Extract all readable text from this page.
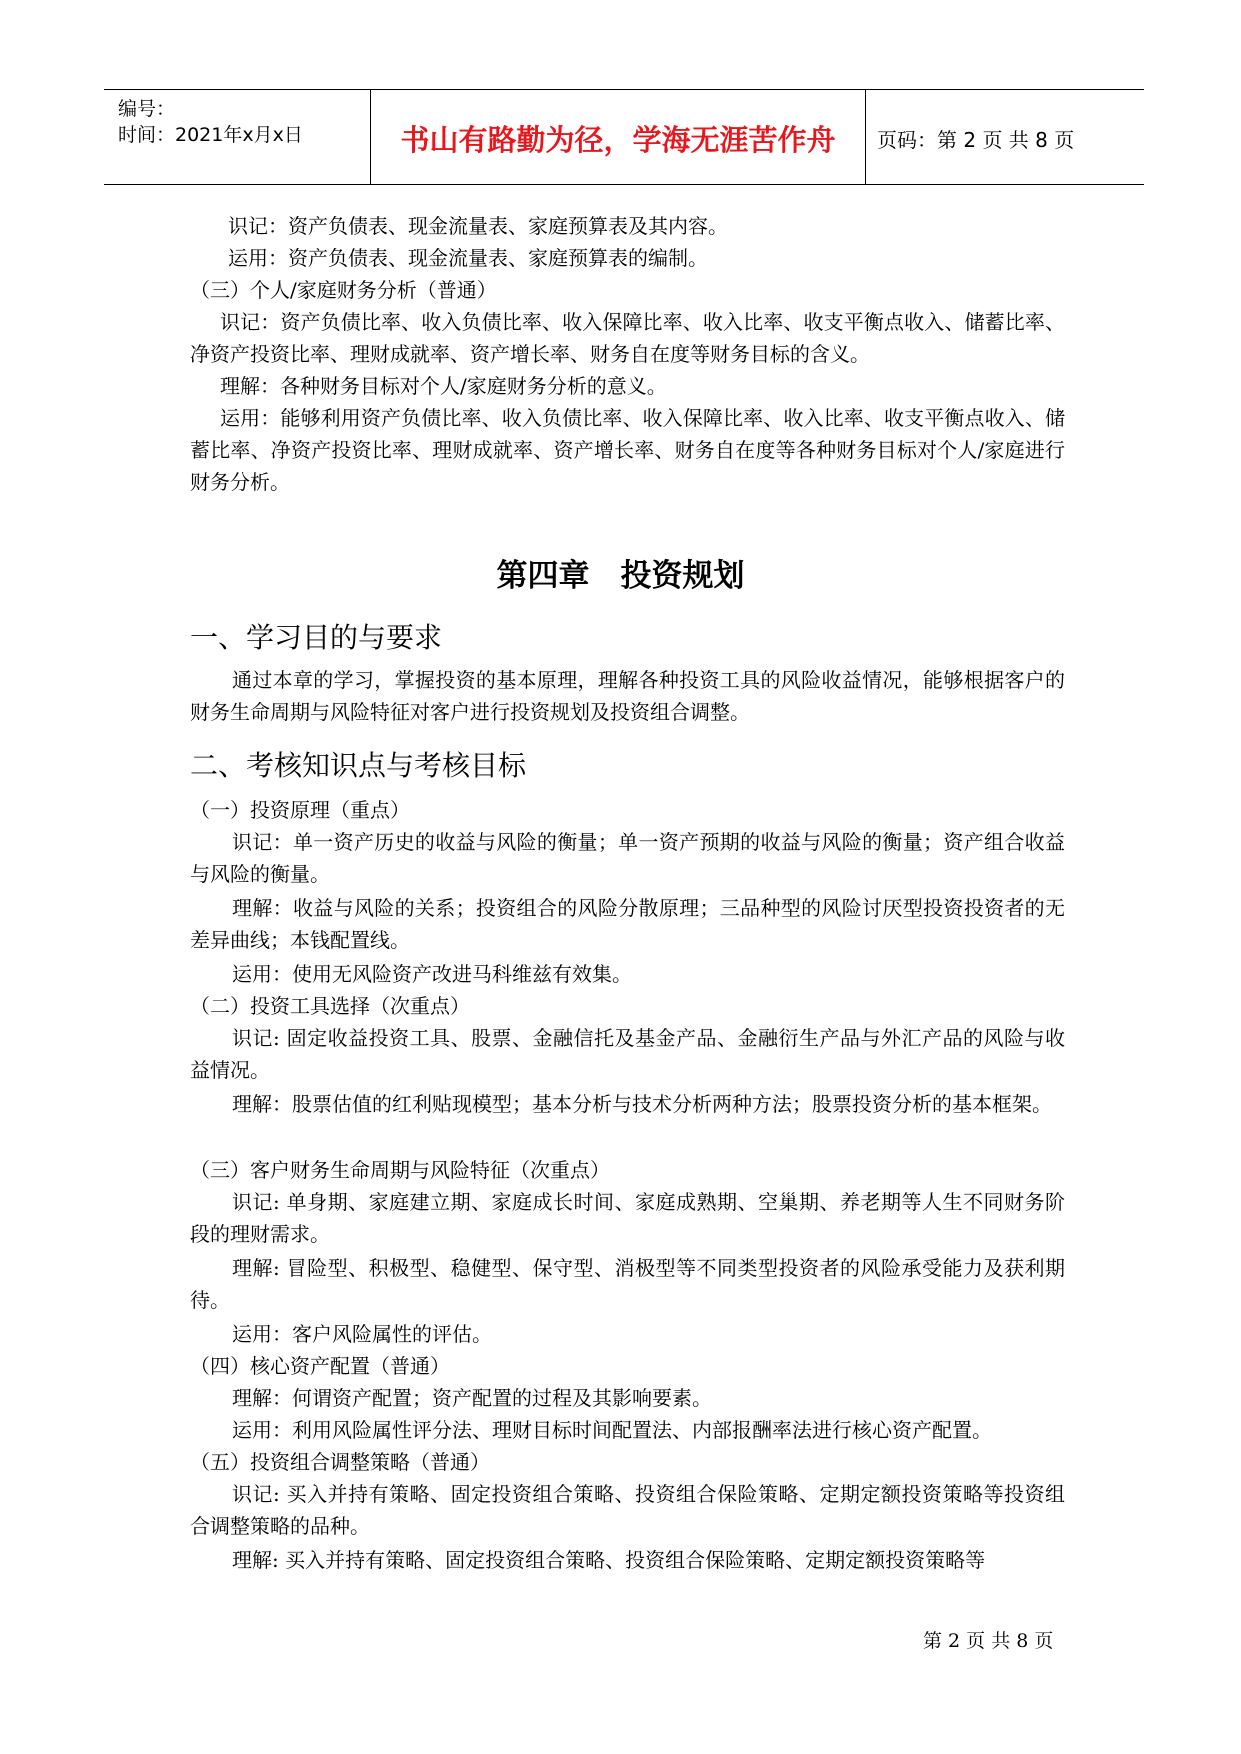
编号：
时间：2021年x月x日	书山有路勤为径，学海无涯苦作舟	页码：第 2 页 共 8 页
识记：资产负债表、现金流量表、家庭预算表及其内容。
运用：资产负债表、现金流量表、家庭预算表的编制。
（三）个人/家庭财务分析（普通）
识记：资产负债比率、收入负债比率、收入保障比率、收入比率、收支平衡点收入、储蓄比率、净资产投资比率、理财成就率、资产增长率、财务自在度等财务目标的含义。
理解：各种财务目标对个人/家庭财务分析的意义。
运用：能够利用资产负债比率、收入负债比率、收入保障比率、收入比率、收支平衡点收入、储蓄比率、净资产投资比率、理财成就率、资产增长率、财务自在度等各种财务目标对个人/家庭进行财务分析。
第四章　投资规划
一、学习目的与要求
通过本章的学习，掌握投资的基本原理，理解各种投资工具的风险收益情况，能够根据客户的财务生命周期与风险特征对客户进行投资规划及投资组合调整。
二、考核知识点与考核目标
（一）投资原理（重点）
识记：单一资产历史的收益与风险的衡量；单一资产预期的收益与风险的衡量；资产组合收益与风险的衡量。
理解：收益与风险的关系；投资组合的风险分散原理；三品种型的风险讨厌型投资投资者的无差异曲线；本钱配置线。
运用：使用无风险资产改进马科维兹有效集。
（二）投资工具选择（次重点）
识记: 固定收益投资工具、股票、金融信托及基金产品、金融衍生产品与外汇产品的风险与收益情况。
理解：股票估值的红利贴现模型；基本分析与技术分析两种方法；股票投资分析的基本框架。
（三）客户财务生命周期与风险特征（次重点）
识记: 单身期、家庭建立期、家庭成长时间、家庭成熟期、空巢期、养老期等人生不同财务阶段的理财需求。
理解: 冒险型、积极型、稳健型、保守型、消极型等不同类型投资者的风险承受能力及获利期待。
运用：客户风险属性的评估。
（四）核心资产配置（普通）
理解：何谓资产配置；资产配置的过程及其影响要素。
运用：利用风险属性评分法、理财目标时间配置法、内部报酬率法进行核心资产配置。
（五）投资组合调整策略（普通）
识记: 买入并持有策略、固定投资组合策略、投资组合保险策略、定期定额投资策略等投资组合调整策略的品种。
理解: 买入并持有策略、固定投资组合策略、投资组合保险策略、定期定额投资策略等
第 2 页 共 8 页
